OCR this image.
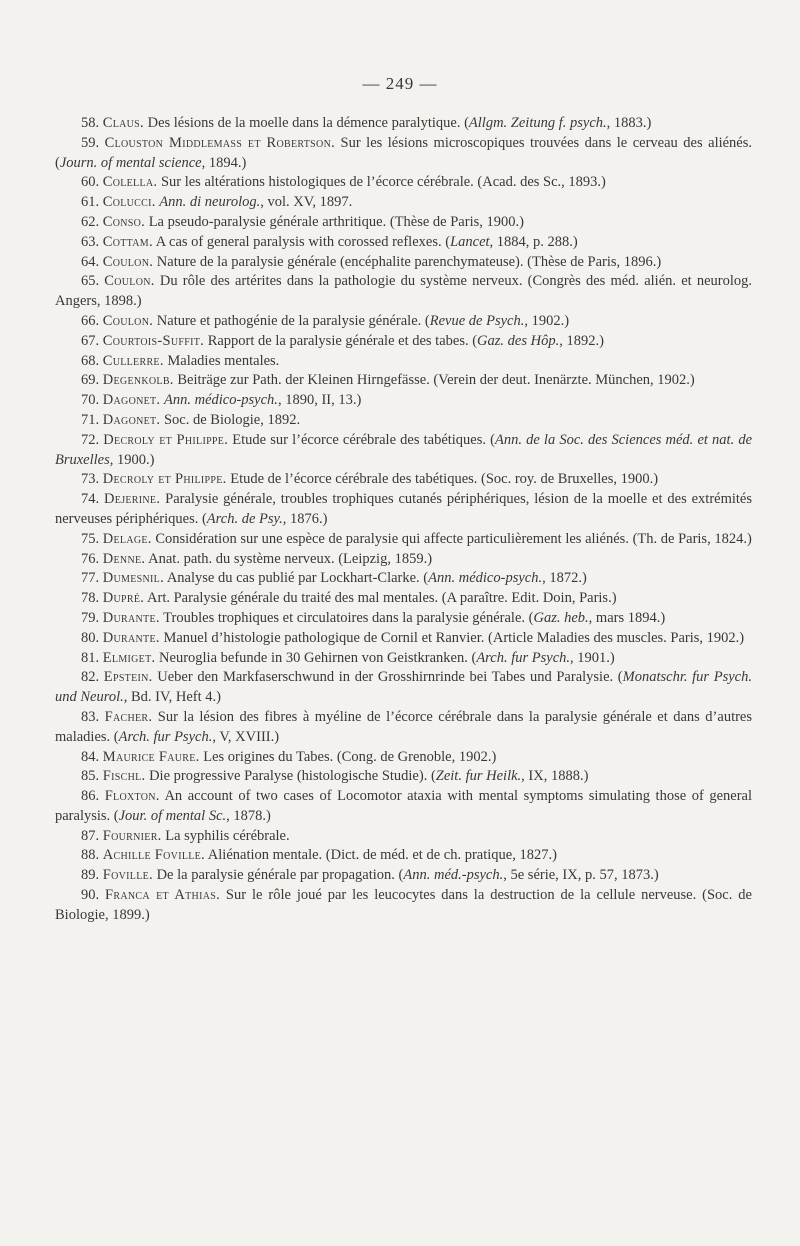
— 249 —
58. Claus. Des lésions de la moelle dans la démence paralytique. (Allgm. Zeitung f. psych., 1883.)
59. Clouston Middlemass et Robertson. Sur les lésions microscopiques trouvées dans le cerveau des aliénés. (Journ. of mental science, 1894.)
60. Colella. Sur les altérations histologiques de l’écorce cérébrale. (Acad. des Sc., 1893.)
61. Colucci. Ann. di neurolog., vol. XV, 1897.
62. Conso. La pseudo-paralysie générale arthritique. (Thèse de Paris, 1900.)
63. Cottam. A cas of general paralysis with corossed reflexes. (Lancet, 1884, p. 288.)
64. Coulon. Nature de la paralysie générale (encéphalite parenchymateuse). (Thèse de Paris, 1896.)
65. Coulon. Du rôle des artérites dans la pathologie du système nerveux. (Congrès des méd. alién. et neurolog. Angers, 1898.)
66. Coulon. Nature et pathogénie de la paralysie générale. (Revue de Psych., 1902.)
67. Courtois-Suffit. Rapport de la paralysie générale et des tabes. (Gaz. des Hôp., 1892.)
68. Cullerre. Maladies mentales.
69. Degenkolb. Beiträge zur Path. der Kleinen Hirngefässe. (Verein der deut. Inenärzte. München, 1902.)
70. Dagonet. Ann. médico-psych., 1890, II, 13.)
71. Dagonet. Soc. de Biologie, 1892.
72. Decroly et Philippe. Etude sur l’écorce cérébrale des tabétiques. (Ann. de la Soc. des Sciences méd. et nat. de Bruxelles, 1900.)
73. Decroly et Philippe. Etude de l’écorce cérébrale des tabétiques. (Soc. roy. de Bruxelles, 1900.)
74. Dejerine. Paralysie générale, troubles trophiques cutanés périphériques, lésion de la moelle et des extrémités nerveuses périphériques. (Arch. de Psy., 1876.)
75. Delage. Considération sur une espèce de paralysie qui affecte particulièrement les aliénés. (Th. de Paris, 1824.)
76. Denne. Anat. path. du système nerveux. (Leipzig, 1859.)
77. Dumesnil. Analyse du cas publié par Lockhart-Clarke. (Ann. médico-psych., 1872.)
78. Dupré. Art. Paralysie générale du traité des mal mentales. (A paraître. Edit. Doin, Paris.)
79. Durante. Troubles trophiques et circulatoires dans la paralysie générale. (Gaz. heb., mars 1894.)
80. Durante. Manuel d’histologie pathologique de Cornil et Ranvier. (Article Maladies des muscles. Paris, 1902.)
81. Elmiget. Neuroglia befunde in 30 Gehirnen von Geistkranken. (Arch. fur Psych., 1901.)
82. Epstein. Ueber den Markfaserschwund in der Grosshirnrinde bei Tabes und Paralysie. (Monatschr. fur Psych. und Neurol., Bd. IV, Heft 4.)
83. Facher. Sur la lésion des fibres à myéline de l’écorce cérébrale dans la paralysie générale et dans d’autres maladies. (Arch. fur Psych., V, XVIII.)
84. Maurice Faure. Les origines du Tabes. (Cong. de Grenoble, 1902.)
85. Fischl. Die progressive Paralyse (histologische Studie). (Zeit. fur Heilk., IX, 1888.)
86. Floxton. An account of two cases of Locomotor ataxia with mental symptoms simulating those of general paralysis. (Jour. of mental Sc., 1878.)
87. Fournier. La syphilis cérébrale.
88. Achille Foville. Aliénation mentale. (Dict. de méd. et de ch. pratique, 1827.)
89. Foville. De la paralysie générale par propagation. (Ann. méd.-psych., 5e série, IX, p. 57, 1873.)
90. Franca et Athias. Sur le rôle joué par les leucocytes dans la destruction de la cellule nerveuse. (Soc. de Biologie, 1899.)
